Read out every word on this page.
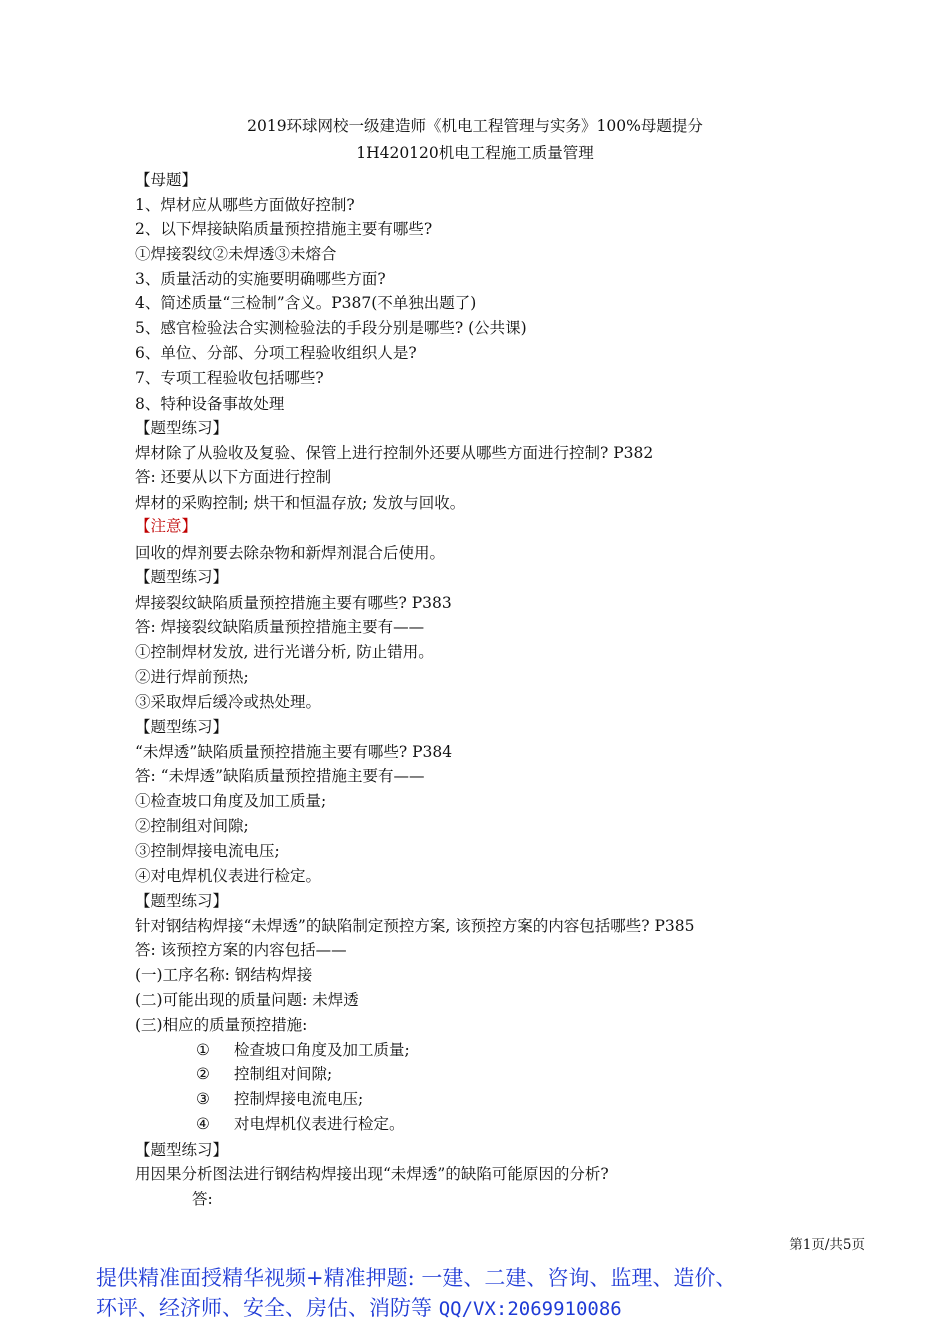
2019环球网校一级建造师《机电工程管理与实务》100%母题提分
1H420120机电工程施工质量管理
【母题】
1、焊材应从哪些方面做好控制?
2、以下焊接缺陷质量预控措施主要有哪些?
①焊接裂纹②未焊透③未熔合
3、质量活动的实施要明确哪些方面?
4、简述质量“三检制”含义。P387(不单独出题了)
5、感官检验法合实测检验法的手段分别是哪些? (公共课)
6、单位、分部、分项工程验收组织人是?
7、专项工程验收包括哪些?
8、特种设备事故处理
【题型练习】
焊材除了从验收及复验、保管上进行控制外还要从哪些方面进行控制? P382
答: 还要从以下方面进行控制
焊材的采购控制; 烘干和恒温存放; 发放与回收。
【注意】
回收的焊剂要去除杂物和新焊剂混合后使用。
【题型练习】
焊接裂纹缺陷质量预控措施主要有哪些? P383
答: 焊接裂纹缺陷质量预控措施主要有——
①控制焊材发放, 进行光谱分析, 防止错用。
②进行焊前预热;
③采取焊后缓冷或热处理。
【题型练习】
“未焊透”缺陷质量预控措施主要有哪些? P384
答: “未焊透”缺陷质量预控措施主要有——
①检查坡口角度及加工质量;
②控制组对间隙;
③控制焊接电流电压;
④对电焊机仪表进行检定。
【题型练习】
针对钢结构焊接“未焊透”的缺陷制定预控方案, 该预控方案的内容包括哪些? P385
答: 该预控方案的内容包括——
(一)工序名称: 钢结构焊接
(二)可能出现的质量问题: 未焊透
(三)相应的质量预控措施:
①	检查坡口角度及加工质量;
②	控制组对间隙;
③	控制焊接电流电压;
④	对电焊机仪表进行检定。
【题型练习】
用因果分析图法进行钢结构焊接出现“未焊透”的缺陷可能原因的分析?
答:
第1页/共5页
提供精准面授精华视频+精准押题: 一建、二建、咨询、监理、造价、
环评、经济师、安全、房估、消防等 QQ/VX:2069910086
